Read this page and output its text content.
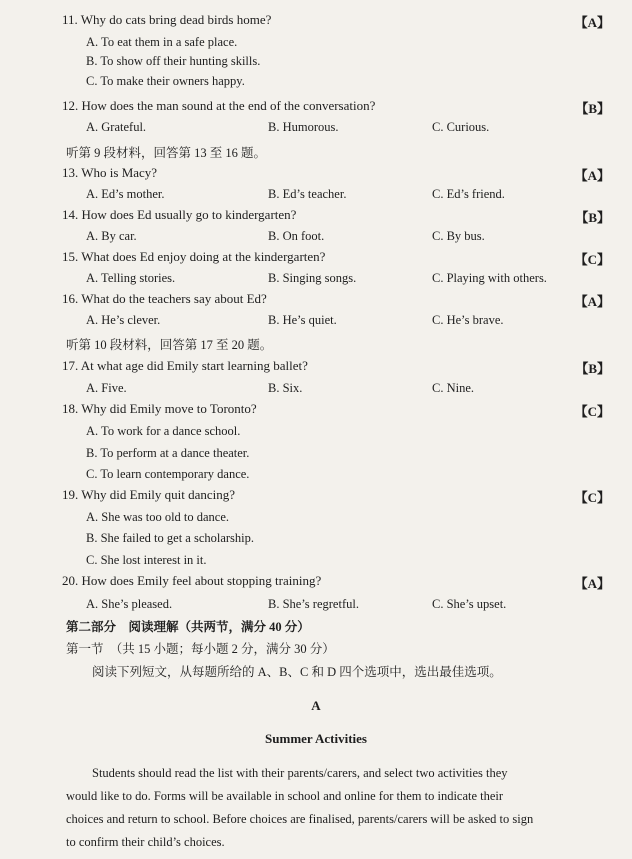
11. Why do cats bring dead birds home?	【A】
A. To eat them in a safe place.
B. To show off their hunting skills.
C. To make their owners happy.
12. How does the man sound at the end of the conversation?	【B】
A. Grateful.	B. Humorous.	C. Curious.
听第 9 段材料，回答第 13 至 16 题。
13. Who is Macy?	【A】
A. Ed’s mother.	B. Ed’s teacher.	C. Ed’s friend.
14. How does Ed usually go to kindergarten?	【B】
A. By car.	B. On foot.	C. By bus.
15. What does Ed enjoy doing at the kindergarten?	【C】
A. Telling stories.	B. Singing songs.	C. Playing with others.
16. What do the teachers say about Ed?	【A】
A. He’s clever.	B. He’s quiet.	C. He’s brave.
听第 10 段材料，回答第 17 至 20 题。
17. At what age did Emily start learning ballet?	【B】
A. Five.	B. Six.	C. Nine.
18. Why did Emily move to Toronto?	【C】
A. To work for a dance school.
B. To perform at a dance theater.
C. To learn contemporary dance.
19. Why did Emily quit dancing?	【C】
A. She was too old to dance.
B. She failed to get a scholarship.
C. She lost interest in it.
20. How does Emily feel about stopping training?	【A】
A. She’s pleased.	B. She’s regretful.	C. She’s upset.
第二部分　阅读理解（共两节，满分 40 分）
第一节　（共 15 小题；每小题 2 分，满分 30 分）
阅读下列短文，从每题所给的 A、B、C 和 D 四个选项中，选出最佳选项。
A
Summer Activities
Students should read the list with their parents/carers, and select two activities they
would like to do. Forms will be available in school and online for them to indicate their
choices and return to school. Before choices are finalised, parents/carers will be asked to sign
to confirm their child’s choices.
